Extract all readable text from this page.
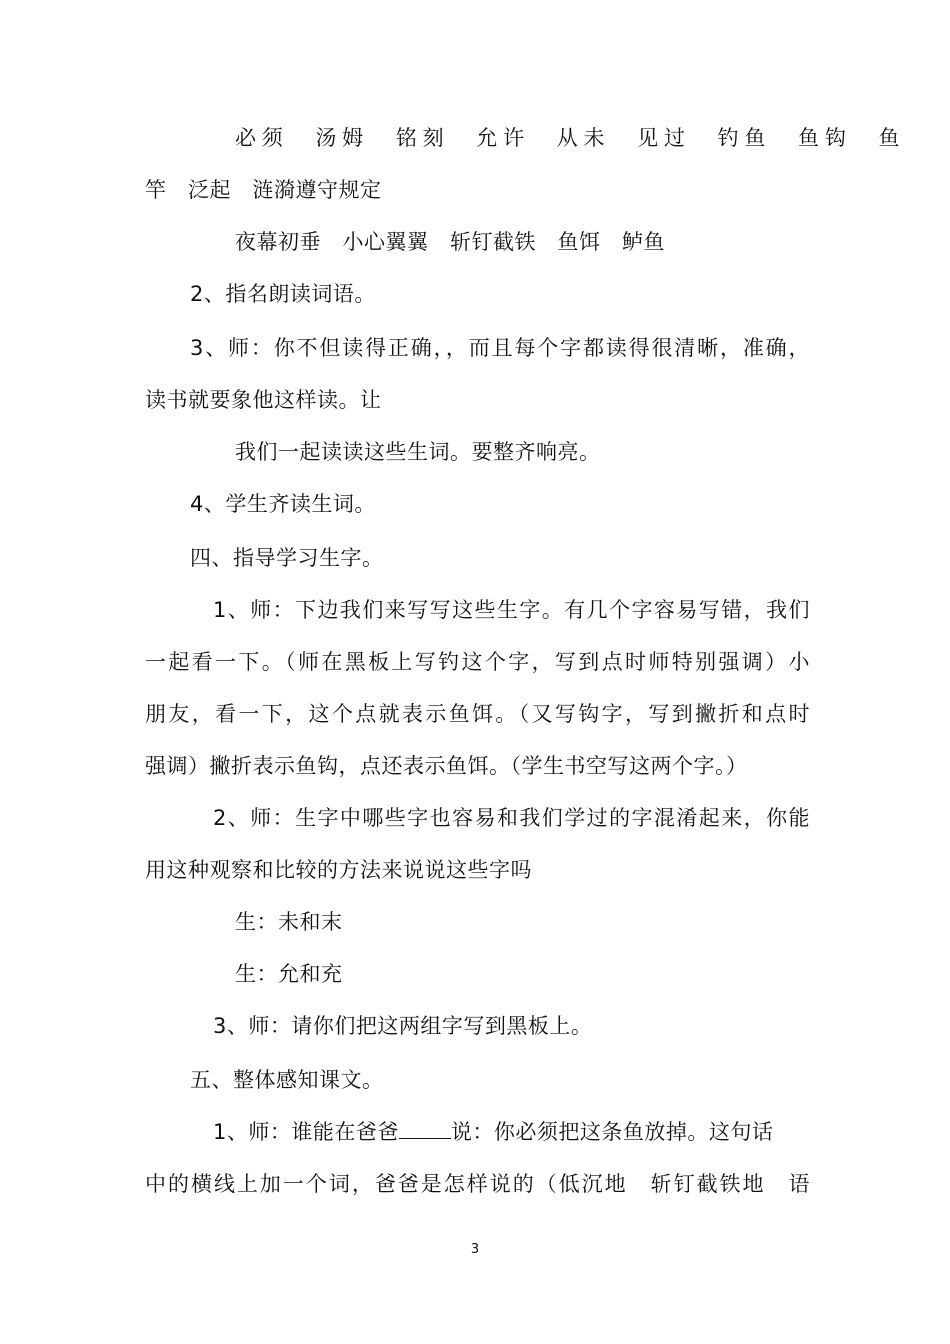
必须　汤姆　铭刻　允许　从未　见过　钓鱼　鱼钩　鱼
竿　泛起　涟漪遵守规定
夜幕初垂　小心翼翼　斩钉截铁　鱼饵　鲈鱼
2、指名朗读词语。
3、师：你不但读得正确，，而且每个字都读得很清晰，准确，
读书就要象他这样读。让
我们一起读读这些生词。要整齐响亮。
4、学生齐读生词。
四、指导学习生字。
1、师：下边我们来写写这些生字。有几个字容易写错，我们
一起看一下。（师在黑板上写钓这个字，写到点时师特别强调）小
朋友，看一下，这个点就表示鱼饵。（又写钩字，写到撇折和点时
强调）撇折表示鱼钩，点还表示鱼饵。（学生书空写这两个字。）
2、师：生字中哪些字也容易和我们学过的字混淆起来，你能
用这种观察和比较的方法来说说这些字吗
生：未和末
生：允和充
3、师：请你们把这两组字写到黑板上。
五、整体感知课文。
1、师：谁能在爸爸 说：你必须把这条鱼放掉。这句话
中的横线上加一个词，爸爸是怎样说的（低沉地　斩钉截铁地　语
3
